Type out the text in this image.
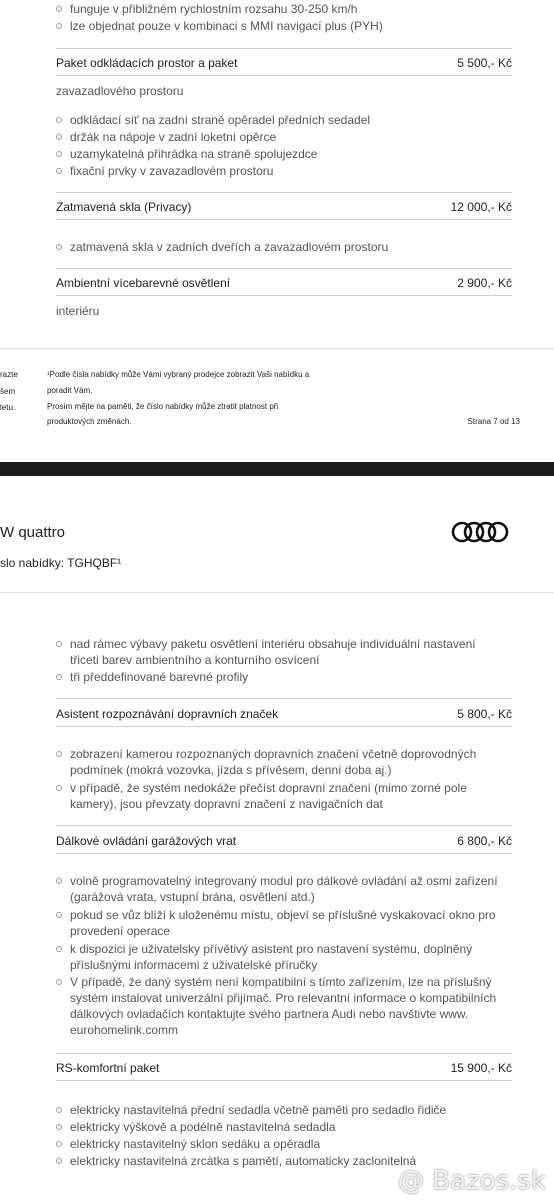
funguje v přibližném rychlostním rozsahu 30-250 km/h
lze objednat pouze v kombinaci s MMI navigací plus (PYH)
Paket odkládacích prostor a paket	5 500,- Kč
zavazadlového prostoru
odkládací síť na zadní straně opěradel předních sedadel
držák na nápoje v zadní loketní opěrce
uzamykatelná přihrádka na straně spolujezdce
fixační prvky v zavazadlovém prostoru
Zatmavená skla (Privacy)	12 000,- Kč
zatmavená skla v zadních dveřích a zavazadlovém prostoru
Ambientní vícebarevné osvětlení	2 900,- Kč
interiéru
razte
šem
letu.
¹Podle čísla nabídky může Vámi vybraný prodejce zobrazit Vaši nabídku a
poradit Vám.
Prosím mějte na paměti, že číslo nabídky může ztratit platnost při
produktových změnách.	Strana 7 od 13
W quattro
slo nabídky: TGHQBF¹
nad rámec výbavy paketu osvětlení interiéru obsahuje individuální nastavení
třiceti barev ambientního a konturního osvícení
tři předdefinované barevné profily
Asistent rozpoznávání dopravních značek	5 800,- Kč
zobrazení kamerou rozpoznaných dopravních značení včetně doprovodných
podmínek (mokrá vozovka, jízda s přívěsem, denní doba aj.)
v případě, že systém nedokáže přečíst dopravní značení (mimo zorné pole
kamery), jsou převzaty dopravní značení z navigačních dat
Dálkové ovládání garážových vrat	6 800,- Kč
volně programovatelný integrovaný modul pro dálkové ovládání až osmi zařízení
(garážová vrata, vstupní brána, osvětlení atd.)
pokud se vůz blíží k uloženému místu, objeví se příslušné vyskakovací okno pro
provedení operace
k dispozici je uživatelsky přívětivý asistent pro nastavení systému, doplněný
příslušnými informacemi z uživatelské příručky
V případě, že daný systém není kompatibilní s tímto zařízením, lze na příslušný
systém instalovat univerzální přijímač. Pro relevantní informace o kompatibilních
dálkových ovladačích kontaktujte svého partnera Audi nebo navštivte www.
eurohomelink.comm
RS-komfortní paket	15 900,- Kč
elektricky nastavitelná přední sedadla včetně paměti pro sedadlo řidiče
elektricky výškově a podélně nastavitelná sedadla
elektricky nastavitelný sklon sedáku a opěradla
elektricky nastavitelná zrcátka s pamětí, automaticky zaclonitelná
@ Bazos.sk
